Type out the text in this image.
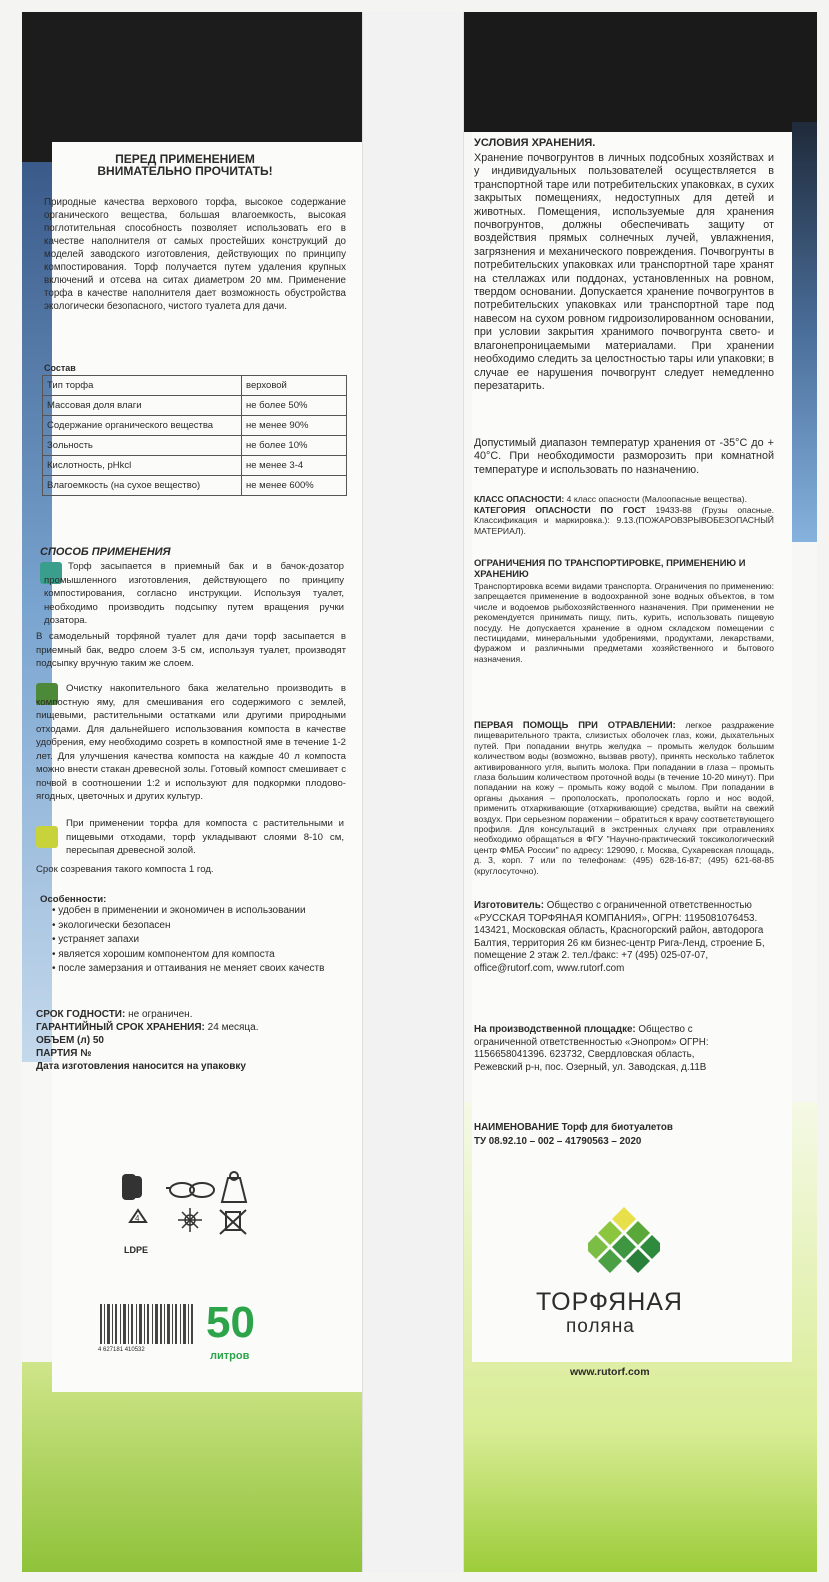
ПЕРЕД ПРИМЕНЕНИЕМ
ВНИМАТЕЛЬНО ПРОЧИТАТЬ!
Природные качества верхового торфа, высокое содержание органического вещества, большая влагоемкость, высокая поглотительная способность позволяет использовать его в качестве наполнителя от самых простейших конструкций до моделей заводского изготовления, действующих по принципу компостирования. Торф получается путем удаления крупных включений и отсева на ситах диаметром 20 мм. Применение торфа в качестве наполнителя дает возможность обустройства экологически безопасного, чистого туалета для дачи.
Состав
Тип торфа	верховой
Массовая доля влаги	не более 50%
Содержание органического вещества	не менее 90%
Зольность	не более 10%
Кислотность, pHkcl	не менее 3-4
Влагоемкость (на сухое вещество)	не менее 600%
СПОСОБ ПРИМЕНЕНИЯ
Торф засыпается в приемный бак и в бачок-дозатор промышленного изготовления, действующего по принципу компостирования, согласно инструкции. Используя туалет, необходимо производить подсыпку путем вращения ручки дозатора.
В самодельный торфяной туалет для дачи торф засыпается в приемный бак, ведро слоем 3-5 см, используя туалет, производят подсыпку вручную таким же слоем.
Очистку накопительного бака желательно производить в компостную яму, для смешивания его содержимого с землей, пищевыми, растительными остатками или другими природными отходами. Для дальнейшего использования компоста в качестве удобрения, ему необходимо созреть в компостной яме в течение 1-2 лет. Для улучшения качества компоста на каждые 40 л компоста можно внести стакан древесной золы. Готовый компост смешивает с почвой в соотношении 1:2 и используют для подкормки плодово-ягодных, цветочных и других культур.
При применении торфа для компоста с растительными и пищевыми отходами, торф укладывают слоями 8-10 см, пересыпая древесной золой.
Срок созревания такого компоста 1 год.
Особенности:
• удобен в применении и экономичен в использовании
• экологически безопасен
• устраняет запахи
• является хорошим компонентом для компоста
• после замерзания и оттаивания не меняет своих качеств
СРОК ГОДНОСТИ: не ограничен.
ГАРАНТИЙНЫЙ СРОК ХРАНЕНИЯ: 24 месяца.
ОБЪЕМ (л) 50
ПАРТИЯ №
Дата изготовления наносится на упаковку
4
LDPE
4 627181 410532
50
литров
УСЛОВИЯ ХРАНЕНИЯ.
Хранение почвогрунтов в личных подсобных хозяйствах и у индивидуальных пользователей осуществляется в транспортной таре или потребительских упаковках, в сухих закрытых помещениях, недоступных для детей и животных. Помещения, используемые для хранения почвогрунтов, должны обеспечивать защиту от воздействия прямых солнечных лучей, увлажнения, загрязнения и механического повреждения. Почвогрунты в потребительских упаковках или транспортной таре хранят на стеллажах или поддонах, установленных на ровном, твердом основании. Допускается хранение почвогрунтов в потребительских упаковках или транспортной таре под навесом на сухом ровном гидроизолированном основании, при условии закрытия хранимого почвогрунта свето- и влагонепроницаемыми материалами. При хранении необходимо следить за целостностью тары или упаковки; в случае ее нарушения почвогрунт следует немедленно перезатарить.
Допустимый диапазон температур хранения от -35°С до + 40°С. При необходимости разморозить при комнатной температуре и использовать по назначению.
КЛАСС ОПАСНОСТИ: 4 класс опасности (Малоопасные вещества).
КАТЕГОРИЯ ОПАСНОСТИ ПО ГОСТ 19433-88 (Грузы опасные. Классификация и маркировка.): 9.13.(ПОЖАРОВЗРЫВОБЕЗОПАСНЫЙ МАТЕРИАЛ).
ОГРАНИЧЕНИЯ ПО ТРАНСПОРТИРОВКЕ, ПРИМЕНЕНИЮ И ХРАНЕНИЮ
Транспортировка всеми видами транспорта. Ограничения по применению: запрещается применение в водоохранной зоне водных объектов, в том числе и водоемов рыбохозяйственного назначения. При применении не рекомендуется принимать пищу, пить, курить, использовать пищевую посуду. Не допускается хранение в одном складском помещении с пестицидами, минеральными удобрениями, продуктами, лекарствами, фуражом и различными предметами хозяйственного и бытового назначения.
ПЕРВАЯ ПОМОЩЬ ПРИ ОТРАВЛЕНИИ: легкое раздражение пищеварительного тракта, слизистых оболочек глаз, кожи, дыхательных путей. При попадании внутрь желудка – промыть желудок большим количеством воды (возможно, вызвав рвоту), принять несколько таблеток активированного угля, выпить молока. При попадании в глаза – промыть глаза большим количеством проточной воды (в течение 10-20 минут). При попадании на кожу – промыть кожу водой с мылом. При попадании в органы дыхания – прополоскать, прополоскать горло и нос водой, применить отхаркивающие (отхаркивающие) средства, выйти на свежий воздух. При серьезном поражении – обратиться к врачу соответствующего профиля. Для консультаций в экстренных случаях при отравлениях необходимо обращаться в ФГУ "Научно-практический токсикологический центр ФМБА России" по адресу: 129090, г. Москва, Сухаревская площадь, д. 3, корп. 7 или по телефонам: (495) 628-16-87; (495) 621-68-85 (круглосуточно).
Изготовитель: Общество с ограниченной ответственностью «РУССКАЯ ТОРФЯНАЯ КОМПАНИЯ», ОГРН: 1195081076453. 143421, Московская область, Красногорский район, автодорога Балтия, территория 26 км бизнес-центр Рига-Ленд, строение Б, помещение 2 этаж 2. тел./факс: +7 (495) 025-07-07, office@rutorf.com, www.rutorf.com
На производственной площадке: Общество с ограниченной ответственностью «Энопром» ОГРН: 1156658041396. 623732, Свердловская область, Режевский р-н, пос. Озерный, ул. Заводская, д.11В
НАИМЕНОВАНИЕ Торф для биотуалетов
ТУ 08.92.10 – 002 – 41790563 – 2020
ТОРФЯНАЯ
поляна
www.rutorf.com
